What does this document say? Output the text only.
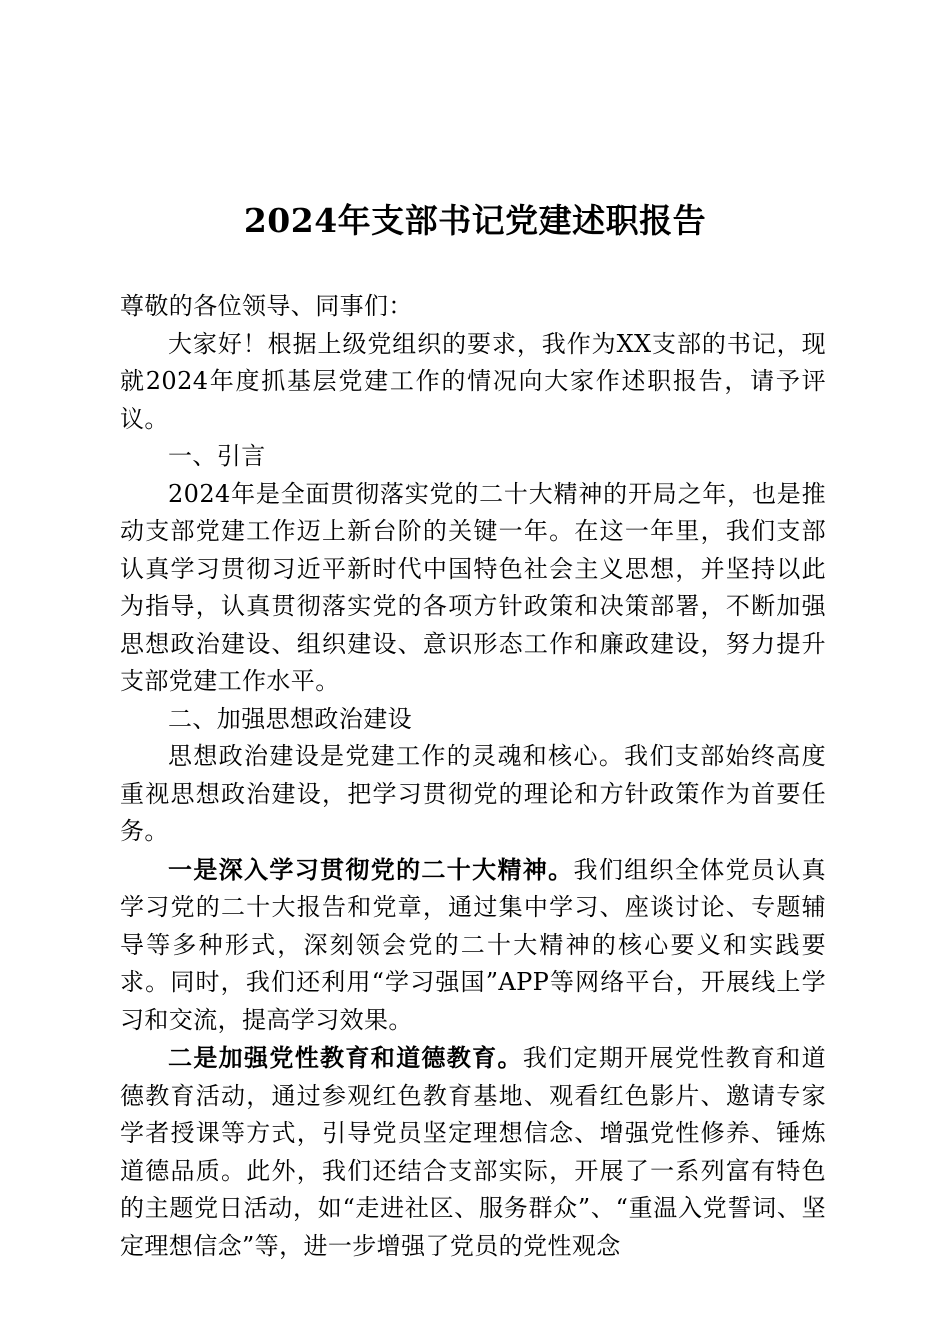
2024年支部书记党建述职报告

尊敬的各位领导、同事们：

大家好！根据上级党组织的要求，我作为XX支部的书记，现就2024年度抓基层党建工作的情况向大家作述职报告，请予评议。

一、引言

2024年是全面贯彻落实党的二十大精神的开局之年，也是推动支部党建工作迈上新台阶的关键一年。在这一年里，我们支部认真学习贯彻习近平新时代中国特色社会主义思想，并坚持以此为指导，认真贯彻落实党的各项方针政策和决策部署，不断加强思想政治建设、组织建设、意识形态工作和廉政建设，努力提升支部党建工作水平。

二、加强思想政治建设

思想政治建设是党建工作的灵魂和核心。我们支部始终高度重视思想政治建设，把学习贯彻党的理论和方针政策作为首要任务。

一是深入学习贯彻党的二十大精神。我们组织全体党员认真学习党的二十大报告和党章，通过集中学习、座谈讨论、专题辅导等多种形式，深刻领会党的二十大精神的核心要义和实践要求。同时，我们还利用“学习强国”APP等网络平台，开展线上学习和交流，提高学习效果。

二是加强党性教育和道德教育。我们定期开展党性教育和道德教育活动，通过参观红色教育基地、观看红色影片、邀请专家学者授课等方式，引导党员坚定理想信念、增强党性修养、锤炼道德品质。此外，我们还结合支部实际，开展了一系列富有特色的主题党日活动，如“走进社区、服务群众”、“重温入党誓词、坚定理想信念”等，进一步增强了党员的党性观念
